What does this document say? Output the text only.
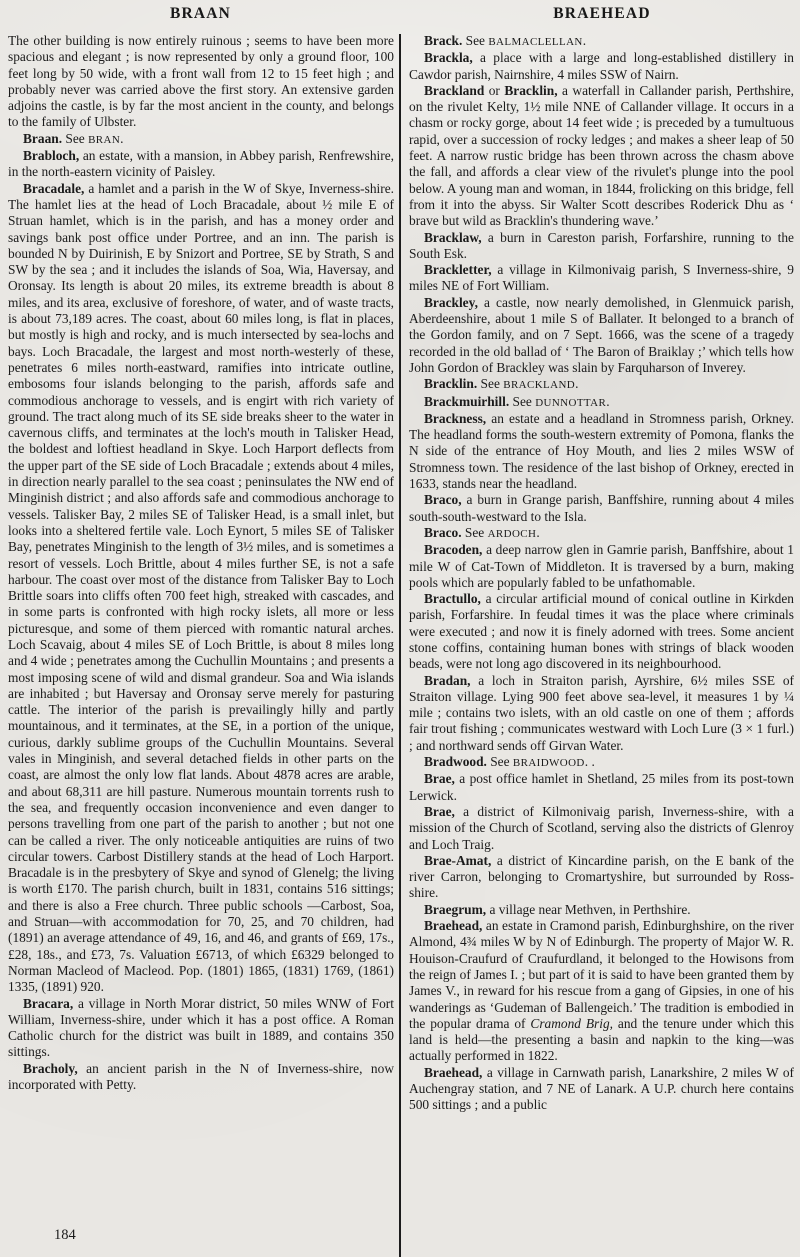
BRAAN	BRAEHEAD

The other building is now entirely ruinous ; seems to have been more spacious and elegant ; is now represented by only a ground floor, 100 feet long by 50 wide, with a front wall from 12 to 15 feet high ; and probably never was carried above the first story. An extensive garden adjoins the castle, is by far the most ancient in the county, and belongs to the family of Ulbster.

Braan. See BRAN.

Brabloch, an estate, with a mansion, in Abbey parish, Renfrewshire, in the north-eastern vicinity of Paisley.

Bracadale, a hamlet and a parish in the W of Skye, Inverness-shire. The hamlet lies at the head of Loch Bracadale, about ½ mile E of Struan hamlet, which is in the parish, and has a money order and savings bank post office under Portree, and an inn. The parish is bounded N by Duirinish, E by Snizort and Portree, SE by Strath, S and SW by the sea ; and it includes the islands of Soa, Wia, Haversay, and Oronsay. Its length is about 20 miles, its extreme breadth is about 8 miles, and its area, exclusive of foreshore, of water, and of waste tracts, is about 73,189 acres. The coast, about 60 miles long, is flat in places, but mostly is high and rocky, and is much intersected by sea-lochs and bays. Loch Bracadale, the largest and most north-westerly of these, penetrates 6 miles north-eastward, ramifies into intricate outline, embosoms four islands belonging to the parish, affords safe and commodious anchorage to vessels, and is engirt with rich variety of ground. The tract along much of its SE side breaks sheer to the water in cavernous cliffs, and terminates at the loch's mouth in Talisker Head, the boldest and loftiest headland in Skye. Loch Harport deflects from the upper part of the SE side of Loch Bracadale ; extends about 4 miles, in direction nearly parallel to the sea coast ; peninsulates the NW end of Minginish district ; and also affords safe and commodious anchorage to vessels. Talisker Bay, 2 miles SE of Talisker Head, is a small inlet, but looks into a sheltered fertile vale. Loch Eynort, 5 miles SE of Talisker Bay, penetrates Minginish to the length of 3½ miles, and is sometimes a resort of vessels. Loch Brittle, about 4 miles further SE, is not a safe harbour. The coast over most of the distance from Talisker Bay to Loch Brittle soars into cliffs often 700 feet high, streaked with cascades, and in some parts is confronted with high rocky islets, all more or less picturesque, and some of them pierced with romantic natural arches. Loch Scavaig, about 4 miles SE of Loch Brittle, is about 8 miles long and 4 wide ; penetrates among the Cuchullin Mountains ; and presents a most imposing scene of wild and dismal grandeur. Soa and Wia islands are inhabited ; but Haversay and Oronsay serve merely for pasturing cattle. The interior of the parish is prevailingly hilly and partly mountainous, and it terminates, at the SE, in a portion of the unique, curious, darkly sublime groups of the Cuchullin Mountains. Several vales in Minginish, and several detached fields in other parts on the coast, are almost the only low flat lands. About 4878 acres are arable, and about 68,311 are hill pasture. Numerous mountain torrents rush to the sea, and frequently occasion inconvenience and even danger to persons travelling from one part of the parish to another ; but not one can be called a river. The only noticeable antiquities are ruins of two circular towers. Carbost Distillery stands at the head of Loch Harport. Bracadale is in the presbytery of Skye and synod of Glenelg; the living is worth £170. The parish church, built in 1831, contains 516 sittings; and there is also a Free church. Three public schools —Carbost, Soa, and Struan—with accommodation for 70, 25, and 70 children, had (1891) an average attendance of 49, 16, and 46, and grants of £69, 17s., £28, 18s., and £73, 7s. Valuation £6713, of which £6329 belonged to Norman Macleod of Macleod. Pop. (1801) 1865, (1831) 1769, (1861) 1335, (1891) 920.

Bracara, a village in North Morar district, 50 miles WNW of Fort William, Inverness-shire, under which it has a post office. A Roman Catholic church for the district was built in 1889, and contains 350 sittings.

Bracholy, an ancient parish in the N of Inverness-shire, now incorporated with Petty.

Brack. See BALMACLELLAN.

Brackla, a place with a large and long-established distillery in Cawdor parish, Nairnshire, 4 miles SSW of Nairn.

Brackland or Bracklin, a waterfall in Callander parish, Perthshire, on the rivulet Kelty, 1½ mile NNE of Callander village. It occurs in a chasm or rocky gorge, about 14 feet wide ; is preceded by a tumultuous rapid, over a succession of rocky ledges ; and makes a sheer leap of 50 feet. A narrow rustic bridge has been thrown across the chasm above the fall, and affords a clear view of the rivulet's plunge into the pool below. A young man and woman, in 1844, frolicking on this bridge, fell from it into the abyss. Sir Walter Scott describes Roderick Dhu as ‘ brave but wild as Bracklin's thundering wave.’

Bracklaw, a burn in Careston parish, Forfarshire, running to the South Esk.

Brackletter, a village in Kilmonivaig parish, S Inverness-shire, 9 miles NE of Fort William.

Brackley, a castle, now nearly demolished, in Glenmuick parish, Aberdeenshire, about 1 mile S of Ballater. It belonged to a branch of the Gordon family, and on 7 Sept. 1666, was the scene of a tragedy recorded in the old ballad of ‘ The Baron of Braiklay ;’ which tells how John Gordon of Brackley was slain by Farquharson of Inverey.

Bracklin. See BRACKLAND.

Brackmuirhill. See DUNNOTTAR.

Brackness, an estate and a headland in Stromness parish, Orkney. The headland forms the south-western extremity of Pomona, flanks the N side of the entrance of Hoy Mouth, and lies 2 miles WSW of Stromness town. The residence of the last bishop of Orkney, erected in 1633, stands near the headland.

Braco, a burn in Grange parish, Banffshire, running about 4 miles south-south-westward to the Isla.

Braco. See ARDOCH.

Bracoden, a deep narrow glen in Gamrie parish, Banffshire, about 1 mile W of Cat-Town of Middleton. It is traversed by a burn, making pools which are popularly fabled to be unfathomable.

Bractullo, a circular artificial mound of conical outline in Kirkden parish, Forfarshire. In feudal times it was the place where criminals were executed ; and now it is finely adorned with trees. Some ancient stone coffins, containing human bones with strings of black wooden beads, were not long ago discovered in its neighbourhood.

Bradan, a loch in Straiton parish, Ayrshire, 6½ miles SSE of Straiton village. Lying 900 feet above sea-level, it measures 1 by ¼ mile ; contains two islets, with an old castle on one of them ; affords fair trout fishing ; communicates westward with Loch Lure (3 × 1 furl.) ; and northward sends off Girvan Water.

Bradwood. See BRAIDWOOD. .

Brae, a post office hamlet in Shetland, 25 miles from its post-town Lerwick.

Brae, a district of Kilmonivaig parish, Inverness-shire, with a mission of the Church of Scotland, serving also the districts of Glenroy and Loch Traig.

Brae-Amat, a district of Kincardine parish, on the E bank of the river Carron, belonging to Cromartyshire, but surrounded by Ross-shire.

Braegrum, a village near Methven, in Perthshire.

Braehead, an estate in Cramond parish, Edinburghshire, on the river Almond, 4¾ miles W by N of Edinburgh. The property of Major W. R. Houison-Craufurd of Craufurdland, it belonged to the Howisons from the reign of James I. ; but part of it is said to have been granted them by James V., in reward for his rescue from a gang of Gipsies, in one of his wanderings as ‘Gudeman of Ballengeich.’ The tradition is embodied in the popular drama of Cramond Brig, and the tenure under which this land is held—the presenting a basin and napkin to the king—was actually performed in 1822.

Braehead, a village in Carnwath parish, Lanarkshire, 2 miles W of Auchengray station, and 7 NE of Lanark. A U.P. church here contains 500 sittings ; and a public

184
